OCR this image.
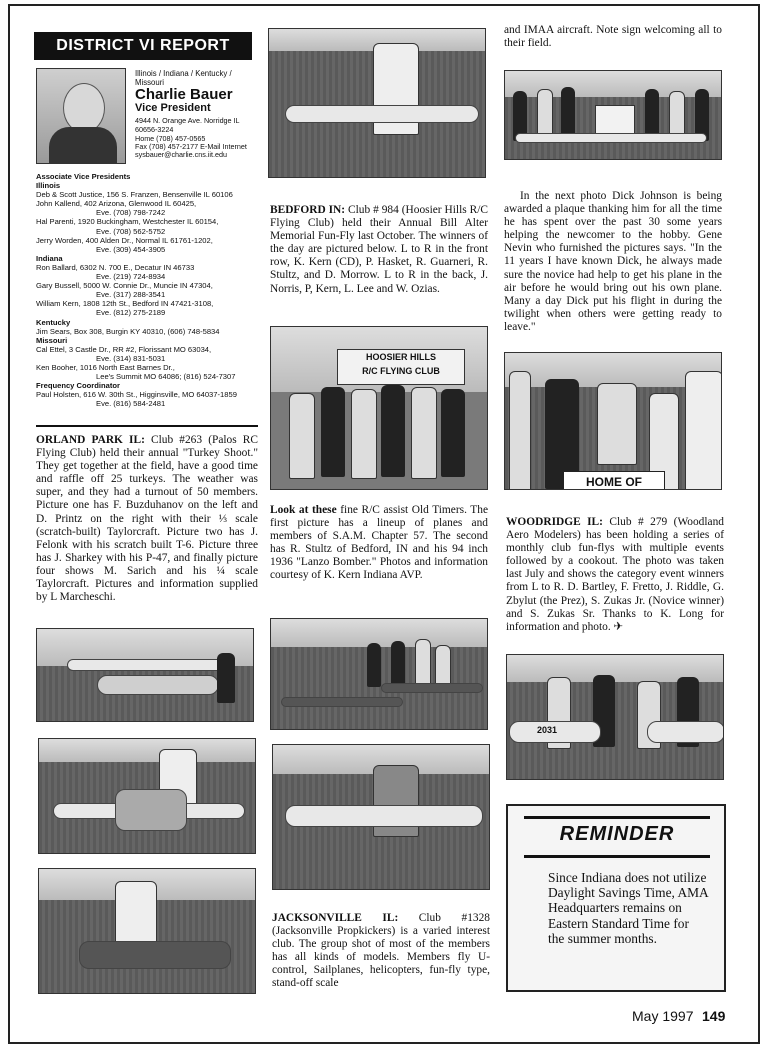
DISTRICT VI REPORT
Illinois / Indiana / Kentucky / Missouri
Charlie Bauer
Vice President
4944 N. Orange Ave. Norridge IL 60656-3224
Home (708) 457-0565
Fax (708) 457-2177 E-Mail Internet
sysbauer@charlie.cns.iit.edu
Associate Vice Presidents
Illinois
Deb & Scott Justice, 156 S. Franzen, Bensenville IL 60106
John Kallend, 402 Arizona, Glenwood IL 60425,
Eve. (708) 798-7242
Hal Parenti, 1920 Buckingham, Westchester IL 60154,
Eve. (708) 562-5752
Jerry Worden, 400 Alden Dr., Normal IL 61761-1202,
Eve. (309) 454-3905
Indiana
Ron Ballard, 6302 N. 700 E., Decatur IN 46733
Eve. (219) 724-8934
Gary Bussell, 5000 W. Connie Dr., Muncie IN 47304,
Eve. (317) 288-3541
William Kern, 1808 12th St., Bedford IN 47421-3108,
Eve. (812) 275-2189
Kentucky
Jim Sears, Box 308, Burgin KY 40310, (606) 748-5834
Missouri
Cal Ettel, 3 Castle Dr., RR #2, Florissant MO 63034,
Eve. (314) 831-5031
Ken Booher, 1016 North East Barnes Dr.,
Lee's Summit MO 64086; (816) 524-7307
Frequency Coordinator
Paul Holsten, 616 W. 30th St., Higginsville, MO 64037-1859
Eve. (816) 584-2481
ORLAND PARK IL: Club #263 (Palos RC Flying Club) held their annual "Turkey Shoot." They get together at the field, have a good time and raffle off 25 turkeys. The weather was super, and they had a turnout of 50 members. Picture one has F. Buzduhanov on the left and D. Printz on the right with their ⅓ scale (scratch-built) Taylorcraft. Picture two has J. Felonk with his scratch built T-6. Picture three has J. Sharkey with his P-47, and finally picture four shows M. Sarich and his ¼ scale Taylorcraft. Pictures and information supplied by L Marcheschi.
BEDFORD IN: Club # 984 (Hoosier Hills R/C Flying Club) held their Annual Bill Alter Memorial Fun-Fly last October. The winners of the day are pictured below. L to R in the front row, K. Kern (CD), P. Hasket, R. Guarneri, R. Stultz, and D. Morrow. L to R in the back, J. Norris, P, Kern, L. Lee and W. Ozias.
HOOSIER HILLS
R/C FLYING CLUB
Look at these fine R/C assist Old Timers. The first picture has a lineup of planes and members of S.A.M. Chapter 57. The second has R. Stultz of Bedford, IN and his 94 inch 1936 "Lanzo Bomber." Photos and information courtesy of K. Kern Indiana AVP.
JACKSONVILLE IL: Club #1328 (Jacksonville Propkickers) is a varied interest club. The group shot of most of the members has all kinds of models. Members fly U-control, Sailplanes, helicopters, fun-fly type, stand-off scale
and IMAA aircraft. Note sign welcoming all to their field.
In the next photo Dick Johnson is being awarded a plaque thanking him for all the time he has spent over the past 30 some years helping the newcomer to the hobby. Gene Nevin who furnished the pictures says. "In the 11 years I have known Dick, he always made sure the novice had help to get his plane in the air before he would bring out his own plane. Many a day Dick put his flight in during the twilight when others were getting ready to leave."
HOME OF
WOODRIDGE IL: Club # 279 (Woodland Aero Modelers) has been holding a series of monthly club fun-flys with multiple events followed by a cookout. The photo was taken last July and shows the category event winners from L to R. D. Bartley, F. Fretto, J. Riddle, G. Zbylut (the Prez), S. Zukas Jr. (Novice winner) and S. Zukas Sr. Thanks to K. Long for information and photo. ✈
2031
REMINDER
Since Indiana does not utilize Daylight Savings Time, AMA Headquarters remains on Eastern Standard Time for the summer months.
May 1997 149
